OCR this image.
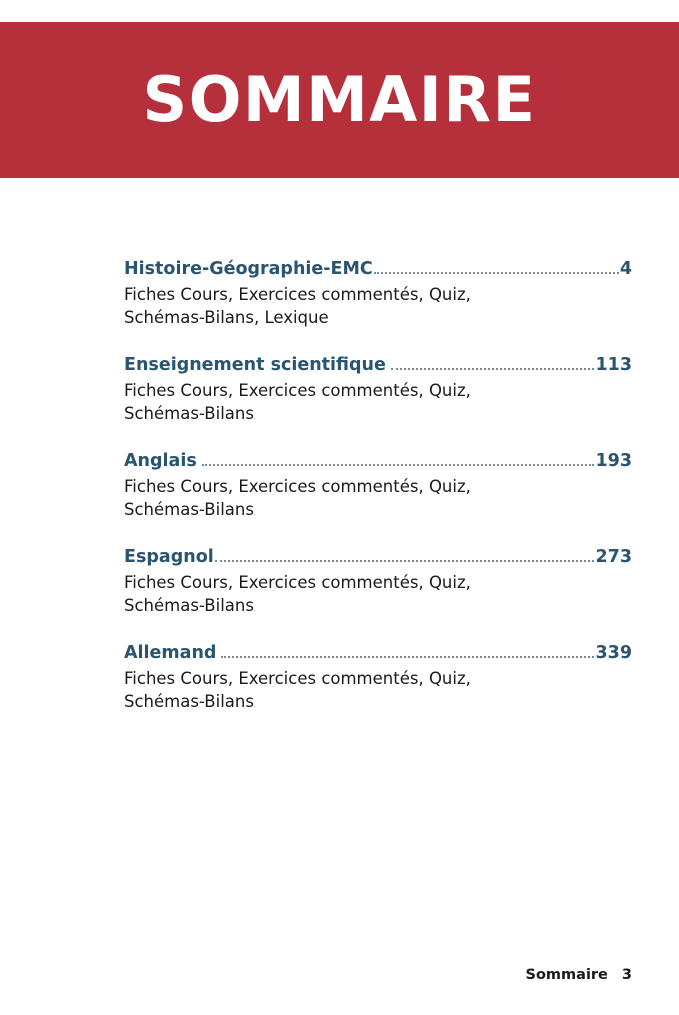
SOMMAIRE
Histoire-Géographie-EMC	4
Fiches Cours, Exercices commentés, Quiz, Schémas-Bilans, Lexique
Enseignement scientifique	113
Fiches Cours, Exercices commentés, Quiz, Schémas-Bilans
Anglais	193
Fiches Cours, Exercices commentés, Quiz, Schémas-Bilans
Espagnol	273
Fiches Cours, Exercices commentés, Quiz, Schémas-Bilans
Allemand	339
Fiches Cours, Exercices commentés, Quiz, Schémas-Bilans
Sommaire 3
